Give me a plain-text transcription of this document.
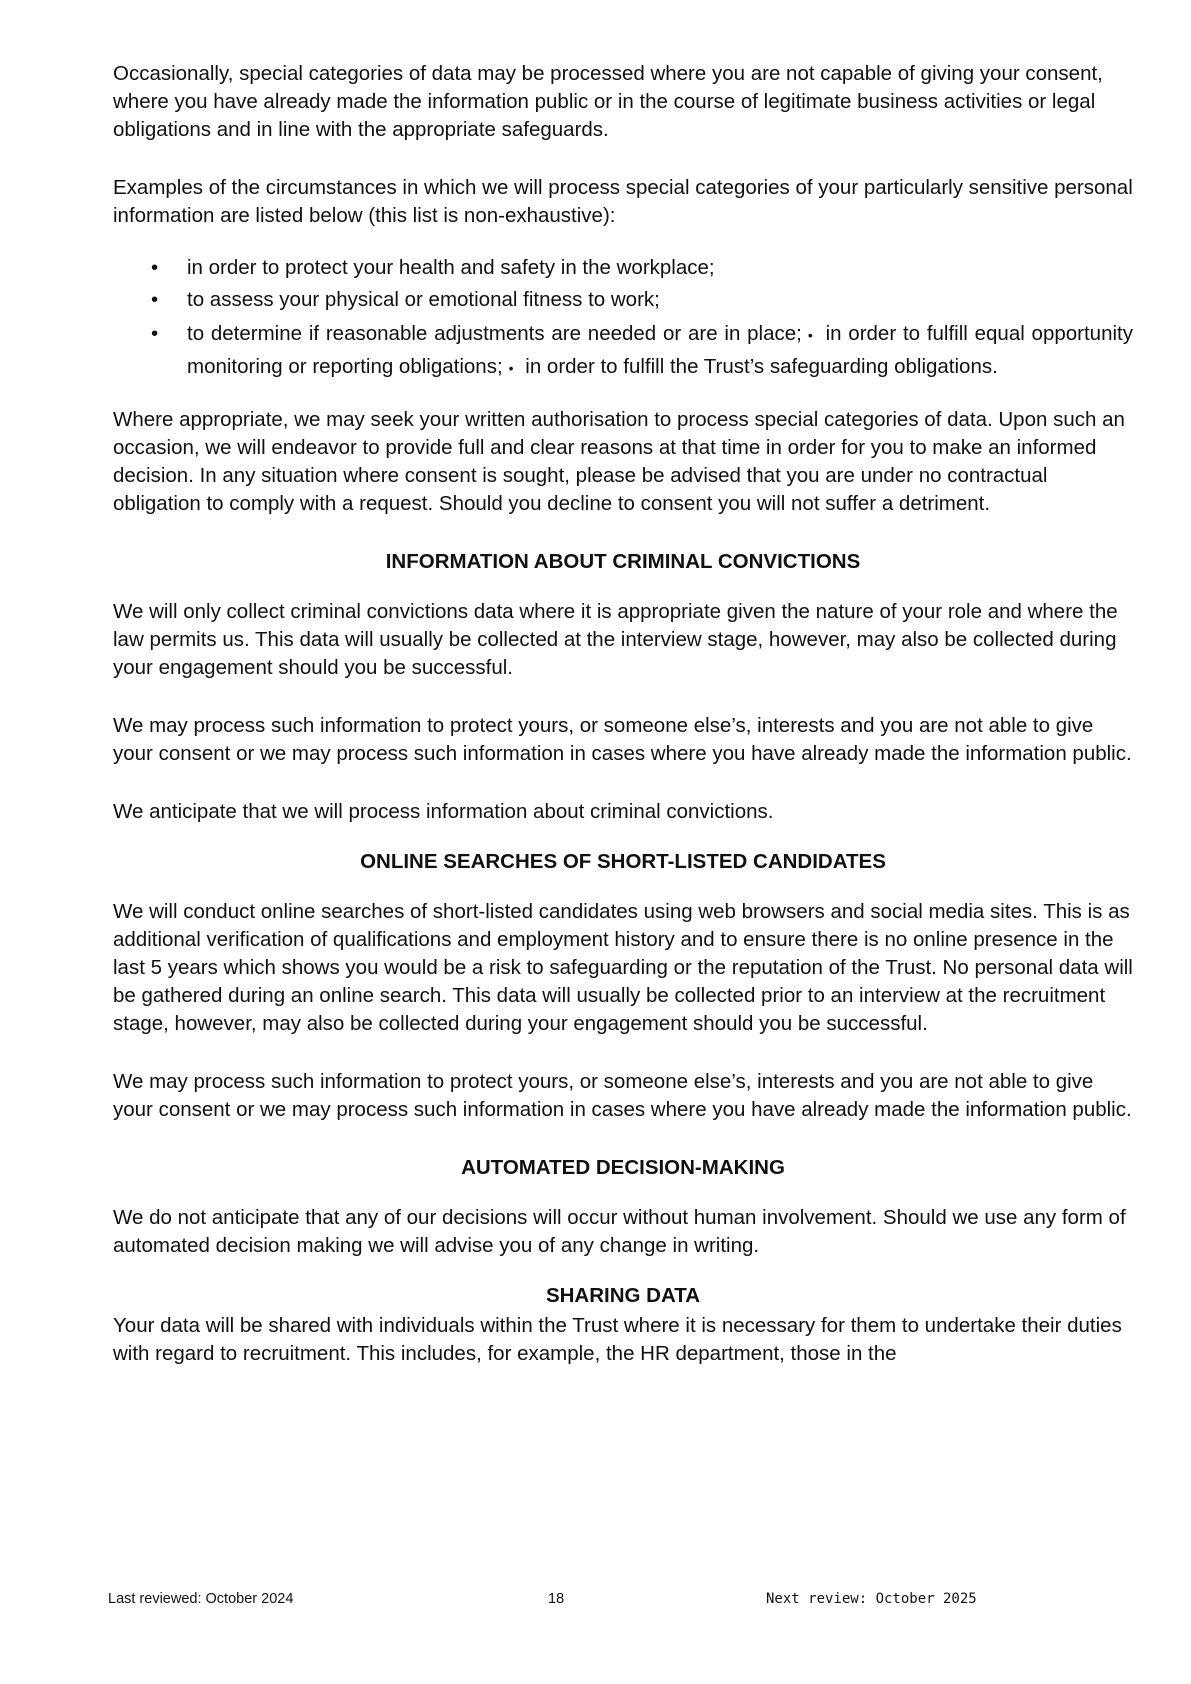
Occasionally, special categories of data may be processed where you are not capable of giving your consent, where you have already made the information public or in the course of legitimate business activities or legal obligations and in line with the appropriate safeguards.

Examples of the circumstances in which we will process special categories of your particularly sensitive personal information are listed below (this list is non-exhaustive):

• in order to protect your health and safety in the workplace;
• to assess your physical or emotional fitness to work;
• to determine if reasonable adjustments are needed or are in place; • in order to fulfill equal opportunity monitoring or reporting obligations; • in order to fulfill the Trust’s safeguarding obligations.

Where appropriate, we may seek your written authorisation to process special categories of data. Upon such an occasion, we will endeavor to provide full and clear reasons at that time in order for you to make an informed decision. In any situation where consent is sought, please be advised that you are under no contractual obligation to comply with a request. Should you decline to consent you will not suffer a detriment.

INFORMATION ABOUT CRIMINAL CONVICTIONS

We will only collect criminal convictions data where it is appropriate given the nature of your role and where the law permits us. This data will usually be collected at the interview stage, however, may also be collected during your engagement should you be successful.

We may process such information to protect yours, or someone else’s, interests and you are not able to give your consent or we may process such information in cases where you have already made the information public.

We anticipate that we will process information about criminal convictions.

ONLINE SEARCHES OF SHORT-LISTED CANDIDATES

We will conduct online searches of short-listed candidates using web browsers and social media sites. This is as additional verification of qualifications and employment history and to ensure there is no online presence in the last 5 years which shows you would be a risk to safeguarding or the reputation of the Trust. No personal data will be gathered during an online search. This data will usually be collected prior to an interview at the recruitment stage, however, may also be collected during your engagement should you be successful.

We may process such information to protect yours, or someone else’s, interests and you are not able to give your consent or we may process such information in cases where you have already made the information public.

AUTOMATED DECISION-MAKING

We do not anticipate that any of our decisions will occur without human involvement. Should we use any form of automated decision making we will advise you of any change in writing.

SHARING DATA

Your data will be shared with individuals within the Trust where it is necessary for them to undertake their duties with regard to recruitment. This includes, for example, the HR department, those in the

Last reviewed: October 2024	18	Next review: October 2025
